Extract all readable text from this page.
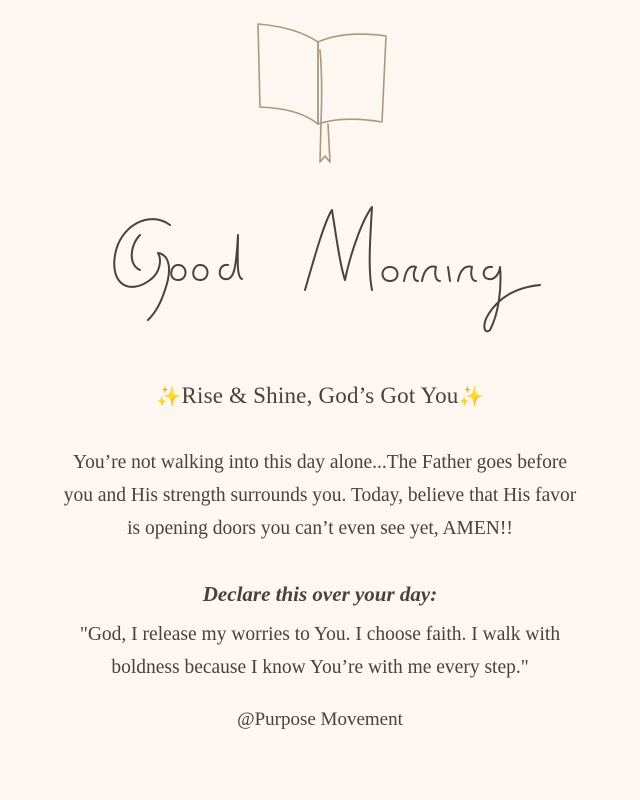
✨Rise & Shine, God’s Got You✨
You’re not walking into this day alone...The Father goes before
you and His strength surrounds you. Today, believe that His favor
is opening doors you can’t even see yet, AMEN!!
Declare this over your day:
"God, I release my worries to You. I choose faith. I walk with
boldness because I know You’re with me every step."
@Purpose Movement
